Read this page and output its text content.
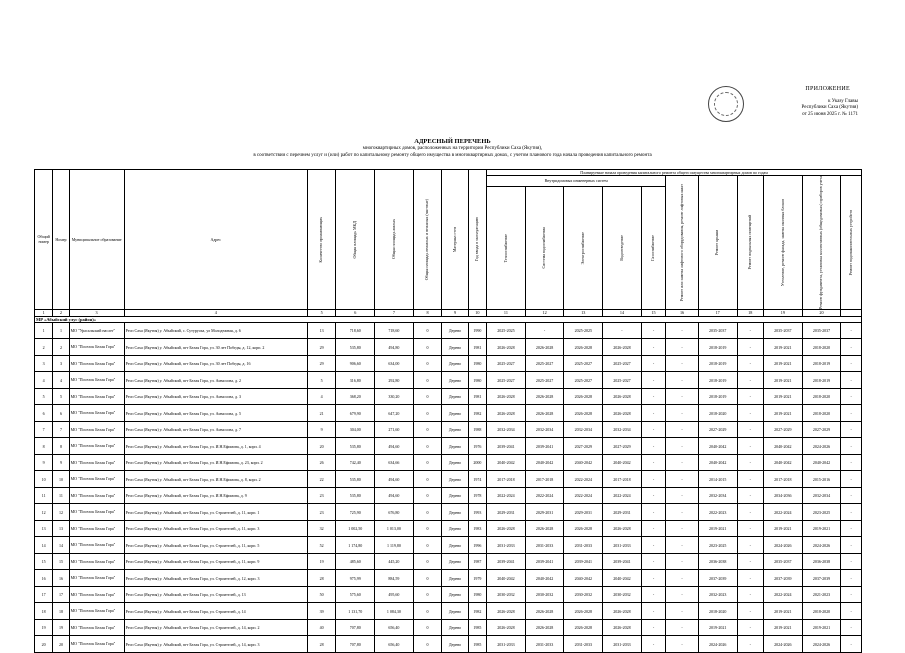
ПРИЛОЖЕНИЕ
к Указу Главы
Республики Саха (Якутия)
от 25 июня 2025 г. № 1171
АДРЕСНЫЙ ПЕРЕЧЕНЬ
многоквартирных домов, расположенных на территории Республики Саха (Якутия),
в соответствии с перечнем услуг и (или) работ по капитальному ремонту общего имущества в многоквартирных домах, с учетом планового года начала проведения капитального ремонта
Общий номер	Номер	Муниципальное образование	Адрес	Количество проживающих	Общая площадь МКД	Общая площадь жилых	Общая площадь нежилых и нежилых (частные)	Материал стен	Год ввода в эксплуатацию	Планируемые начала проведения капитального ремонта общего имущества многоквартирных домов по годам										
										Внутридомовых инженерных систем					Ремонт или замена лифтового оборудования, ремонт лифтовых шахт	Ремонт крыши	Ремонт подвальных помещений	Утепление, ремонт фасада, замена оконных блоков	Ремонт фундамента, установка коллективных (общедомовых) приборов учета	Ремонт водонакопительных устройств

										Теплоснабжение	Система водоснабжения	Электроснабжение	Водоотведение	Газоснабжение						

1	2	3	4	5	6	7	8	9	10	11	12	13	14	15	16	17	18	19	20	
МР «Абыйский улус (район)»																				
1	1	МО "Урасальский наслег"	Респ Саха (Якутия) у. Абыйский, с. Сутуруоха, ул Молодежная, д. 6	13	718,60	718,60	0	Дерево	1990	2025-2025	-	2025-2025	-	-	-	2035-2037	-	2035-2037	2035-2037	-
2	2	МО "Поселок Белая Гора"	Респ Саха (Якутия) у. Абыйский, пгт Белая Гора, ул. 30 лет Победы, д. 12, корп. 2	29	535,80	494,80	0	Дерево	1981	2026-2028	2026-2028	2026-2028	2026-2028	-	-	2018-2019	-	2019-2021	2018-2020	-
3	3	МО "Поселок Белая Гора"	Респ Саха (Якутия) у. Абыйский, пгт Белая Гора, ул. 30 лет Победы, д. 16	29	906,60	634,00	0	Дерево	1980	2025-2027	2025-2027	2025-2027	2025-2027	-	-	2018-2019	-	2019-2021	2018-2019	-
4	4	МО "Поселок Белая Гора"	Респ Саха (Якутия) у. Абыйский, пгт Белая Гора, ул. Аммосова, д. 2	5	316,80	292,80	0	Дерево	1980	2025-2027	2025-2027	2025-2027	2025-2027	-	-	2018-2019	-	2019-2021	2018-2019	-
5	5	МО "Поселок Белая Гора"	Респ Саха (Якутия) у. Абыйский, пгт Белая Гора, ул. Аммосова, д. 3	4	368,20	330,20	0	Дерево	1981	2026-2028	2026-2028	2026-2028	2026-2028	-	-	2018-2019	-	2019-2021	2018-2020	-
6	6	МО "Поселок Белая Гора"	Респ Саха (Якутия) у. Абыйский, пгт Белая Гора, ул. Аммосова, д. 5	21	679,90	647,20	0	Дерево	1982	2026-2028	2026-2028	2026-2028	2026-2028	-	-	2018-2020	-	2019-2021	2018-2020	-
7	7	МО "Поселок Белая Гора"	Респ Саха (Якутия) у. Абыйский, пгт Белая Гора, ул. Аммосова, д. 7	9	304,00	271,60	0	Дерево	1988	2032-2034	2032-2034	2032-2034	2032-2034	-	-	2027-2029	-	2027-2029	2027-2029	-
8	8	МО "Поселок Белая Гора"	Респ Саха (Якутия) у. Абыйский, пгт Белая Гора, ул. И.Н.Ефимова, д. 1, корп. 4	20	535,80	494,60	0	Дерево	1976	2039-2041	2039-2041	2027-2029	2027-2029	-	-	2040-2042	-	2040-2042	2024-2026	-
9	9	МО "Поселок Белая Гора"	Респ Саха (Якутия) у. Абыйский, пгт Белая Гора, ул. И.Н.Ефимова, д. 23, корп. 2	26	742,40	634,66	0	Дерево	2000	2040-2042	2040-2042	2040-2042	2040-2042	-	-	2040-2042	-	2040-2042	2040-2042	-
10	10	МО "Поселок Белая Гора"	Респ Саха (Якутия) у. Абыйский, пгт Белая Гора, ул. И.Н.Ефимова, д. 8, корп. 2	22	535,80	494,60	0	Дерево	1974	2017-2018	2017-2018	2022-2024	2017-2018	-	-	2014-2015	-	2017-2018	2015-2016	-
11	11	МО "Поселок Белая Гора"	Респ Саха (Якутия) у. Абыйский, пгт Белая Гора, ул. И.Н.Ефимова, д. 9	23	535,80	494,60	0	Дерево	1978	2022-2024	2022-2024	2022-2024	2022-2024	-	-	2032-2034	-	2034-2036	2032-2034	-
12	12	МО "Поселок Белая Гора"	Респ Саха (Якутия) у. Абыйский, пгт Белая Гора, ул. Строителей, д. 11, корп. 1	23	725,90	676,80	0	Дерево	1993	2029-2031	2029-2031	2029-2031	2029-2031	-	-	2022-2023	-	2022-2024	2023-2025	-
13	13	МО "Поселок Белая Гора"	Респ Саха (Якутия) у. Абыйский, пгт Белая Гора, ул. Строителей, д. 11, корп. 3	32	1 002,50	1 013,00	0	Дерево	1983	2026-2028	2026-2028	2026-2028	2026-2028	-	-	2019-2021	-	2019-2021	2019-2021	-
14	14	МО "Поселок Белая Гора"	Респ Саха (Якутия) у. Абыйский, пгт Белая Гора, ул. Строителей, д. 11, корп. 5	52	1 174,80	1 119,80	0	Дерево	1996	2031-2033	2031-2033	2031-2033	2031-2033	-	-	2023-2025	-	2024-2026	2024-2026	-
15	15	МО "Поселок Белая Гора"	Респ Саха (Якутия) у. Абыйский, пгт Белая Гора, ул. Строителей, д. 11, корп. 9	19	485,60	445,20	0	Дерево	1987	2039-2041	2039-2041	2039-2041	2039-2041	-	-	2036-2038	-	2035-2037	2036-2038	-
16	16	МО "Поселок Белая Гора"	Респ Саха (Якутия) у. Абыйский, пгт Белая Гора, ул. Строителей, д. 12, корп. 3	28	975,99	884,59	0	Дерево	1979	2040-2042	2040-2042	2040-2042	2040-2042	-	-	2037-2039	-	2037-2039	2037-2039	-
17	17	МО "Поселок Белая Гора"	Респ Саха (Якутия) у. Абыйский, пгт Белая Гора, ул. Строителей, д. 13	50	575,60	495,60	0	Дерево	1980	2030-2032	2030-2032	2030-2032	2030-2032	-	-	2032-2023	-	2022-2024	2021-2023	-
18	18	МО "Поселок Белая Гора"	Респ Саха (Якутия) у. Абыйский, пгт Белая Гора, ул. Строителей, д. 14	39	1 131,70	1 084,30	0	Дерево	1982	2026-2028	2026-2028	2026-2028	2026-2028	-	-	2018-2020	-	2019-2021	2018-2020	-
19	19	МО "Поселок Белая Гора"	Респ Саха (Якутия) у. Абыйский, пгт Белая Гора, ул. Строителей, д. 14, корп. 2	40	707,80	656,40	0	Дерево	1985	2026-2028	2026-2028	2026-2028	2026-2028	-	-	2019-2021	-	2019-2021	2019-2021	-
20	20	МО "Поселок Белая Гора"	Респ Саха (Якутия) у. Абыйский, пгт Белая Гора, ул. Строителей, д. 14, корп. 3	28	707,80	656,40	0	Дерево	1985	2031-2033	2031-2033	2031-2033	2031-2033	-	-	2024-2026	-	2024-2026	2024-2026	-
